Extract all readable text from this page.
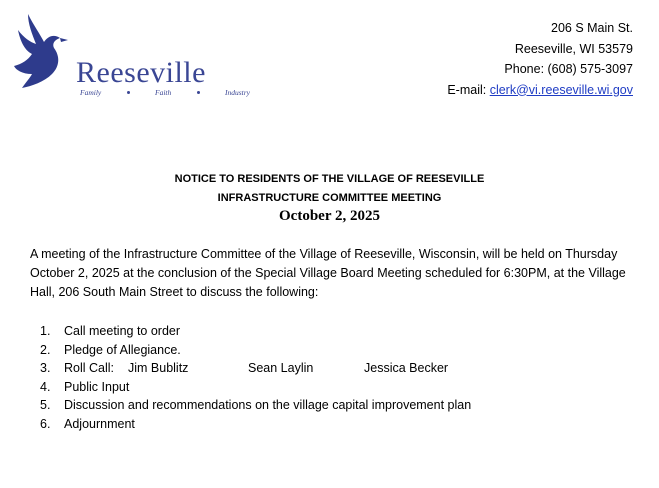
Reeseville
Family	Faith	Industry
206 S Main St.
Reeseville, WI 53579
Phone: (608) 575-3097
E-mail: clerk@vi.reeseville.wi.gov
NOTICE TO RESIDENTS OF THE VILLAGE OF REESEVILLE
INFRASTRUCTURE COMMITTEE MEETING
October 2, 2025
A meeting of the Infrastructure Committee of the Village of Reeseville, Wisconsin, will be held on Thursday October 2, 2025 at the conclusion of the Special Village Board Meeting scheduled for 6:30PM, at the Village Hall, 206 South Main Street to discuss the following:
1. Call meeting to order
2. Pledge of Allegiance.
3. Roll Call: Jim Bublitz	Sean Laylin	Jessica Becker
4. Public Input
5. Discussion and recommendations on the village capital improvement plan
6. Adjournment
